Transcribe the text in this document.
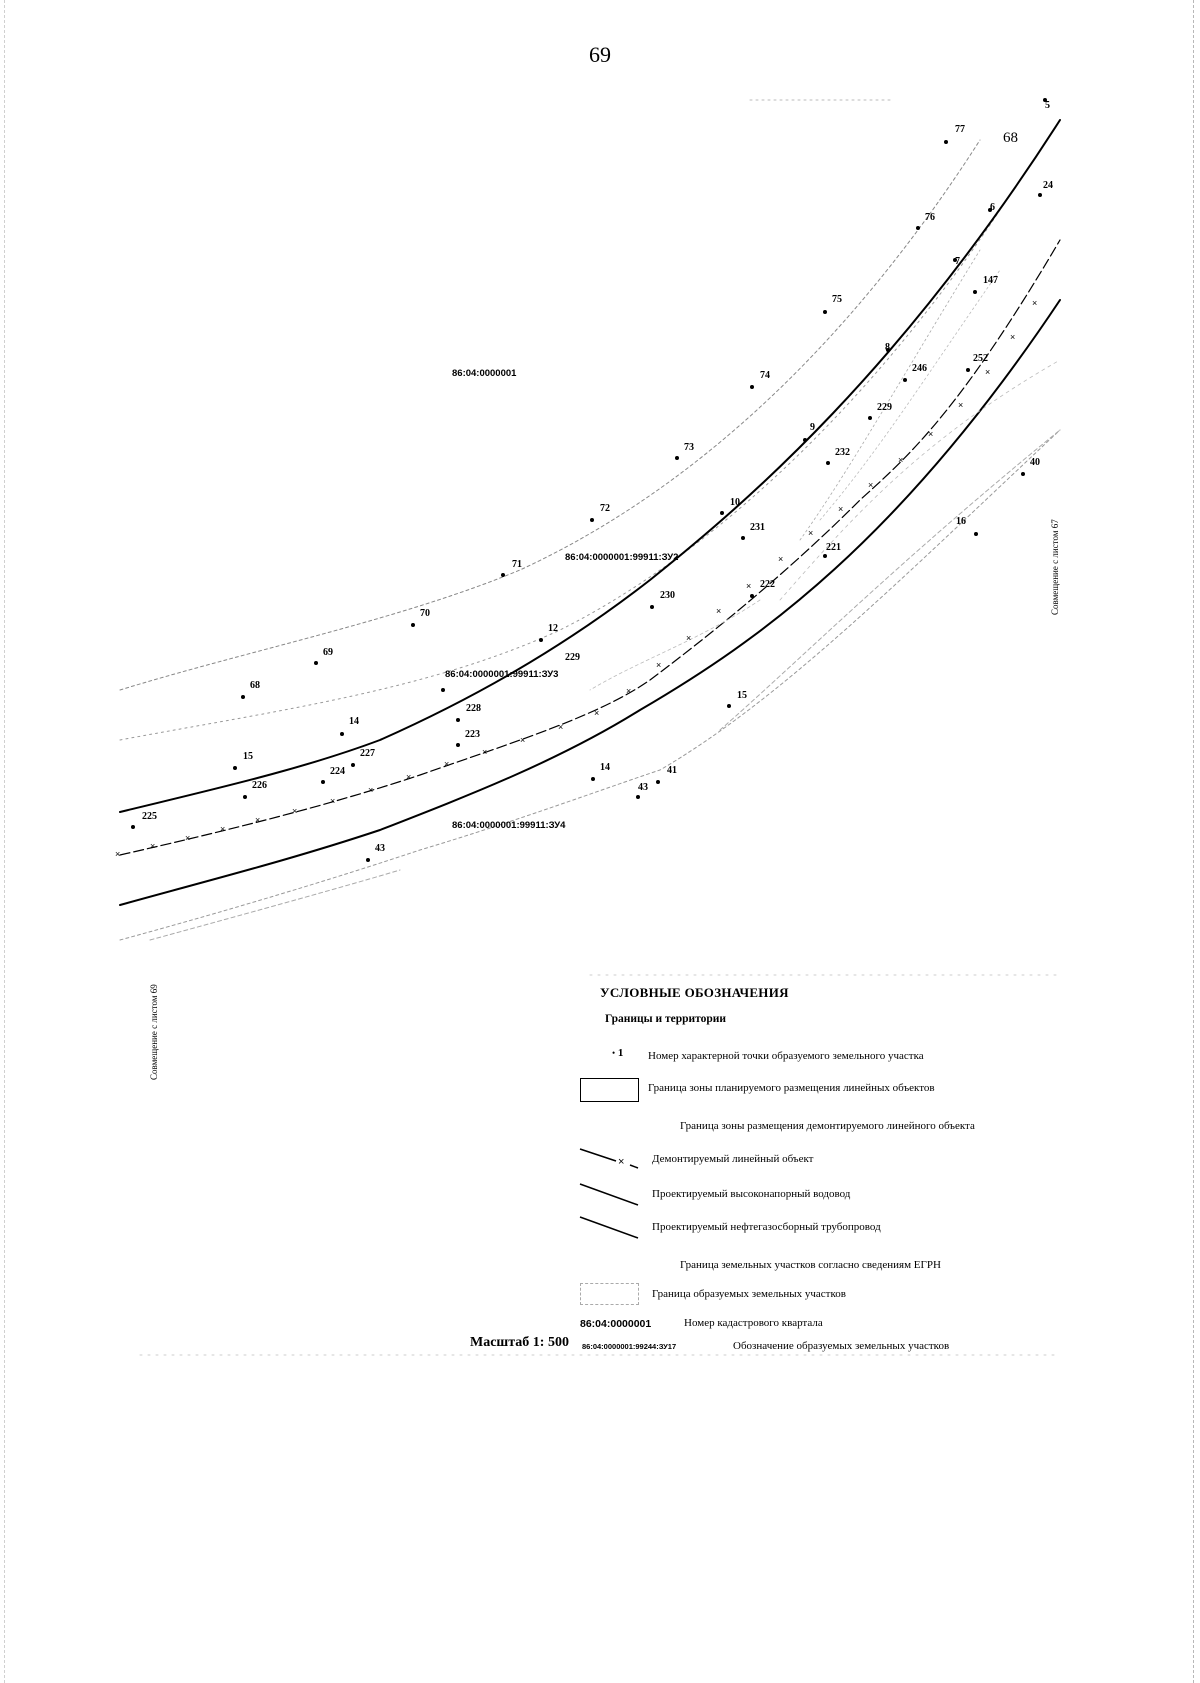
69
×
×
×
×
×
×
×
×
×
×
×
×
×
×
×
×
×
×
×
×
×
×
×
×
×
×
×
×
×
77
5
76
6
7
24
75
147
74
8
246
252
229
9
232
73
10
40
231
72
16
71
221
222
230
70
12
229
69
68
228
14
223
227
15
226
224
225
15
14
43
41
43
86:04:0000001
86:04:0000001:99911:ЗУ2
86:04:0000001:99911:ЗУ3
86:04:0000001:99911:ЗУ4
Совмещение с листом 69
Совмещение с листом 67
68
УСЛОВНЫЕ ОБОЗНАЧЕНИЯ
Границы и территории
• 1 Номер характерной точки образуемого земельного участка
Граница зоны планируемого размещения линейных объектов
Граница зоны размещения демонтируемого линейного объекта
×	Демонтируемый линейный объект
Проектируемый высоконапорный водовод
Проектируемый нефтегазосборный трубопровод
Граница земельных участков согласно сведениям ЕГРН
Граница образуемых земельных участков
86:04:0000001	Номер кадастрового квартала
86:04:0000001:99244:ЗУ17	Обозначение образуемых земельных участков
Масштаб 1: 500
